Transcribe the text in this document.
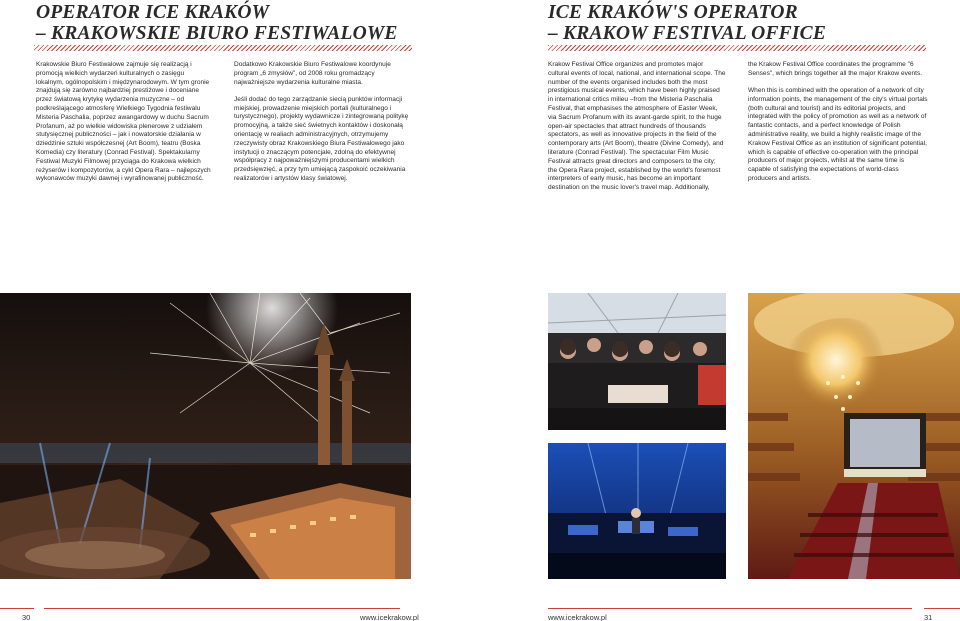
OPERATOR ICE KRAKÓW
– KRAKOWSKIE BIURO FESTIWALOWE
ICE KRAKÓW'S OPERATOR
– KRAKOW FESTIVAL OFFICE

Krakowskie Biuro Festiwalowe zajmuje się realizacją i promocją wielkich wydarzeń kulturalnych o zasięgu lokalnym, ogólnopolskim i międzynarodowym. W tym gronie znajdują się zarówno najbardziej prestiżowe i doceniane przez światową krytykę wydarzenia muzyczne – od podkreślającego atmosferę Wielkiego Tygodnia festiwalu Misteria Paschalia, poprzez awangardowy w duchu Sacrum Profanum, aż po wielkie widowiska plenerowe z udziałem stutysięcznej publiczności – jak i nowatorskie działania w dziedzinie sztuki współczesnej (Art Boom), teatru (Boska Komedia) czy literatury (Conrad Festival). Spektakularny Festiwal Muzyki Filmowej przyciąga do Krakowa wielkich reżyserów i kompozytorów, a cykl Opera Rara – najlepszych wykonawców muzyki dawnej i wyrafinowanej publiczność.

Dodatkowo Krakowskie Biuro Festiwalowe koordynuje program „6 zmysłów", od 2008 roku gromadzący najważniejsze wydarzenia kulturalne miasta.

Jeśli dodać do tego zarządzanie siecią punktów informacji miejskiej, prowadzenie miejskich portali (kulturalnego i turystycznego), projekty wydawnicze i zintegrowaną politykę promocyjną, a także sieć świetnych kontaktów i doskonałą orientację w realiach administracyjnych, otrzymujemy rzeczywisty obraz Krakowskiego Biura Festiwalowego jako instytucji o znaczącym potencjale, zdolną do efektywnej współpracy z najpoważniejszymi producentami wielkich przedsięwzięć, a przy tym umiejącą zaspokoić oczekiwania realizatorów i artystów klasy światowej.

Krakow Festival Office organizes and promotes major cultural events of local, national, and international scope. The number of the events organised includes both the most prestigious musical events, which have been highly praised in international critics milieu –from the Misteria Paschalia Festival, that emphasises the atmosphere of Easter Week, via Sacrum Profanum with its avant-garde spirit, to the huge open-air spectacles that attract hundreds of thousands spectators, as well as innovative projects in the field of the contemporary arts (Art Boom), theatre (Divine Comedy), and literature (Conrad Festival). The spectacular Film Music Festival attracts great directors and composers to the city; the Opera Rara project, established by the world's foremost interpreters of early music, has become an important destination on the music lover's travel map. Additionally,

the Krakow Festival Office coordinates the programme "6 Senses", which brings together all the major Krakow events.

When this is combined with the operation of a network of city information points, the management of the city's virtual portals (both cultural and tourist) and its editorial projects, and integrated with the policy of promotion as well as a network of fantastic contacts, and a perfect knowledge of Polish administrative reality, we build a highly realistic image of the Krakow Festival Office as an institution of significant potential, which is capable of effective co-operation with the principal producers of major projects, whilst at the same time is capable of satisfying the expectations of world-class producers and artists.

30	www.icekrakow.pl	www.icekrakow.pl	31
